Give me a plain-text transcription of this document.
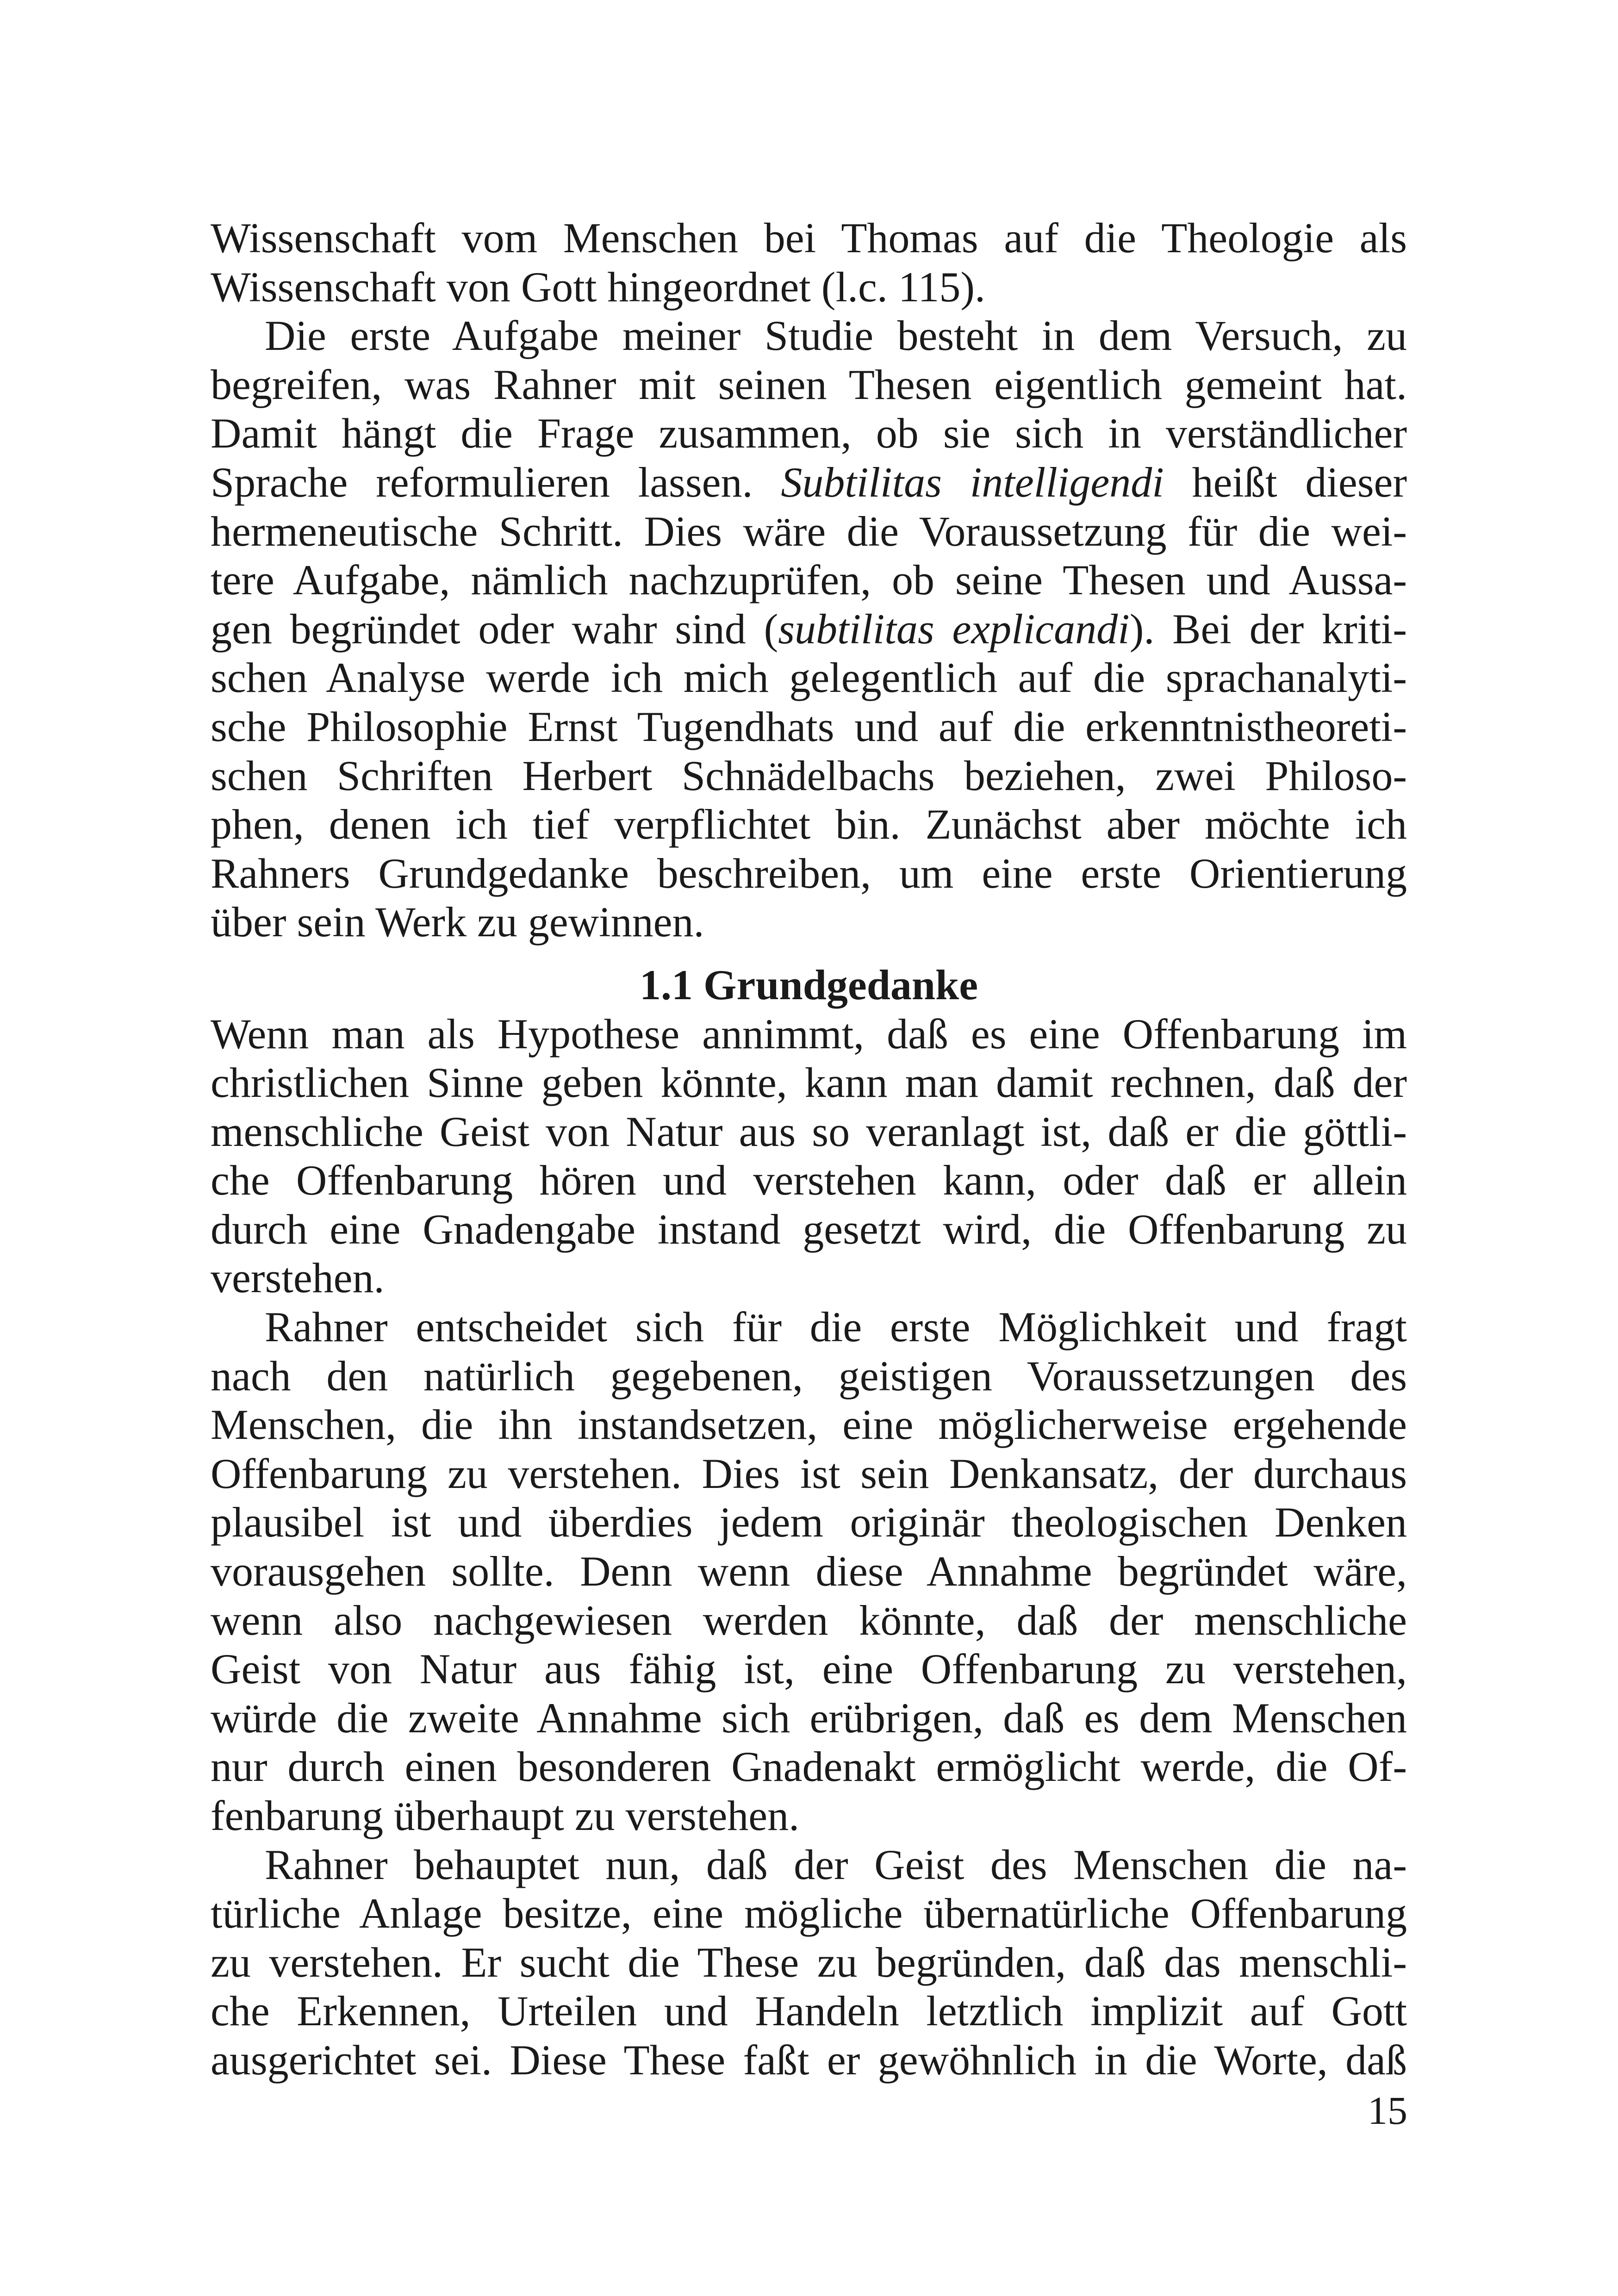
Wissenschaft vom Menschen bei Thomas auf die Theologie als
Wissenschaft von Gott hingeordnet (l.c. 115).
Die erste Aufgabe meiner Studie besteht in dem Versuch, zu
begreifen, was Rahner mit seinen Thesen eigentlich gemeint hat.
Damit hängt die Frage zusammen, ob sie sich in verständlicher
Sprache reformulieren lassen. Subtilitas intelligendi heißt dieser
hermeneutische Schritt. Dies wäre die Voraussetzung für die wei-
tere Aufgabe, nämlich nachzuprüfen, ob seine Thesen und Aussa-
gen begründet oder wahr sind (subtilitas explicandi). Bei der kriti-
schen Analyse werde ich mich gelegentlich auf die sprachanalyti-
sche Philosophie Ernst Tugendhats und auf die erkenntnistheoreti-
schen Schriften Herbert Schnädelbachs beziehen, zwei Philoso-
phen, denen ich tief verpflichtet bin. Zunächst aber möchte ich
Rahners Grundgedanke beschreiben, um eine erste Orientierung
über sein Werk zu gewinnen.
1.1 Grundgedanke
Wenn man als Hypothese annimmt, daß es eine Offenbarung im
christlichen Sinne geben könnte, kann man damit rechnen, daß der
menschliche Geist von Natur aus so veranlagt ist, daß er die göttli-
che Offenbarung hören und verstehen kann, oder daß er allein
durch eine Gnadengabe instand gesetzt wird, die Offenbarung zu
verstehen.
Rahner entscheidet sich für die erste Möglichkeit und fragt
nach den natürlich gegebenen, geistigen Voraussetzungen des
Menschen, die ihn instandsetzen, eine möglicherweise ergehende
Offenbarung zu verstehen. Dies ist sein Denkansatz, der durchaus
plausibel ist und überdies jedem originär theologischen Denken
vorausgehen sollte. Denn wenn diese Annahme begründet wäre,
wenn also nachgewiesen werden könnte, daß der menschliche
Geist von Natur aus fähig ist, eine Offenbarung zu verstehen,
würde die zweite Annahme sich erübrigen, daß es dem Menschen
nur durch einen besonderen Gnadenakt ermöglicht werde, die Of-
fenbarung überhaupt zu verstehen.
Rahner behauptet nun, daß der Geist des Menschen die na-
türliche Anlage besitze, eine mögliche übernatürliche Offenbarung
zu verstehen. Er sucht die These zu begründen, daß das menschli-
che Erkennen, Urteilen und Handeln letztlich implizit auf Gott
ausgerichtet sei. Diese These faßt er gewöhnlich in die Worte, daß
15
